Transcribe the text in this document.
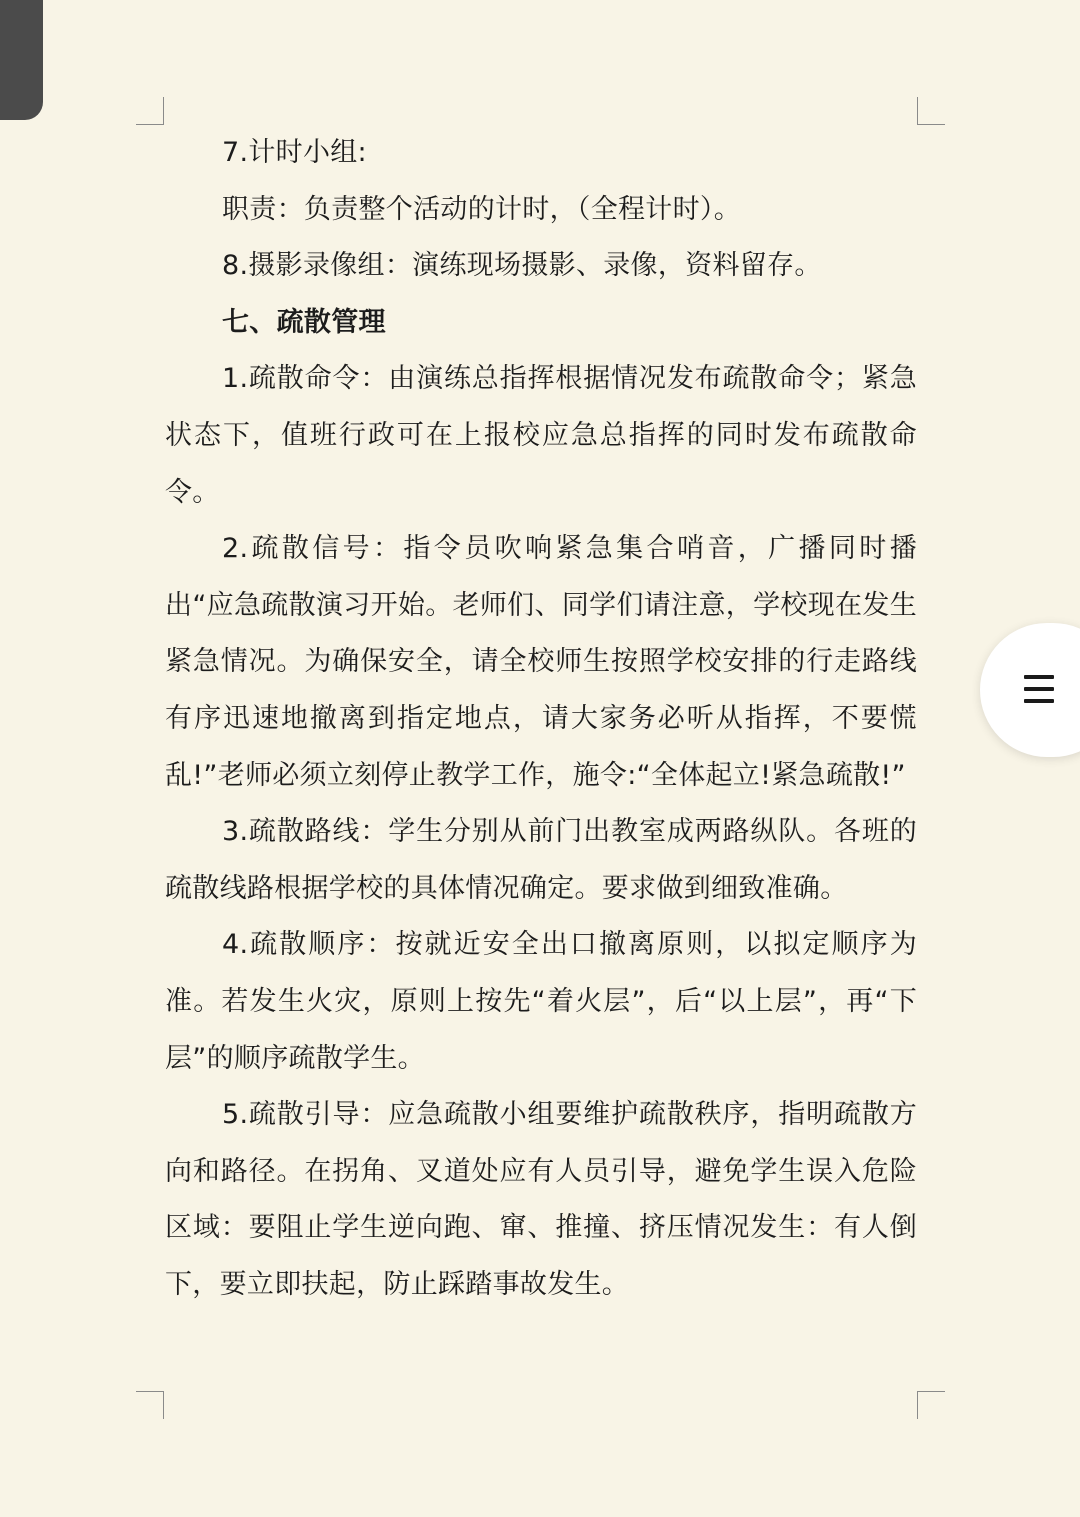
7.计时小组:

职责：负责整个活动的计时，（全程计时）。

8.摄影录像组：演练现场摄影、录像，资料留存。

七、疏散管理

1.疏散命令：由演练总指挥根据情况发布疏散命令；紧急状态下，值班行政可在上报校应急总指挥的同时发布疏散命令。

2.疏散信号：指令员吹响紧急集合哨音，广播同时播出“应急疏散演习开始。老师们、同学们请注意，学校现在发生紧急情况。为确保安全，请全校师生按照学校安排的行走路线有序迅速地撤离到指定地点，请大家务必听从指挥，不要慌乱!”老师必须立刻停止教学工作，施令:“全体起立!紧急疏散!”

3.疏散路线：学生分别从前门出教室成两路纵队。各班的疏散线路根据学校的具体情况确定。要求做到细致准确。

4.疏散顺序：按就近安全出口撤离原则，以拟定顺序为准。若发生火灾，原则上按先“着火层”，后“以上层”，再“下层”的顺序疏散学生。

5.疏散引导：应急疏散小组要维护疏散秩序，指明疏散方向和路径。在拐角、叉道处应有人员引导，避免学生误入危险区域：要阻止学生逆向跑、窜、推撞、挤压情况发生：有人倒下，要立即扶起，防止踩踏事故发生。
